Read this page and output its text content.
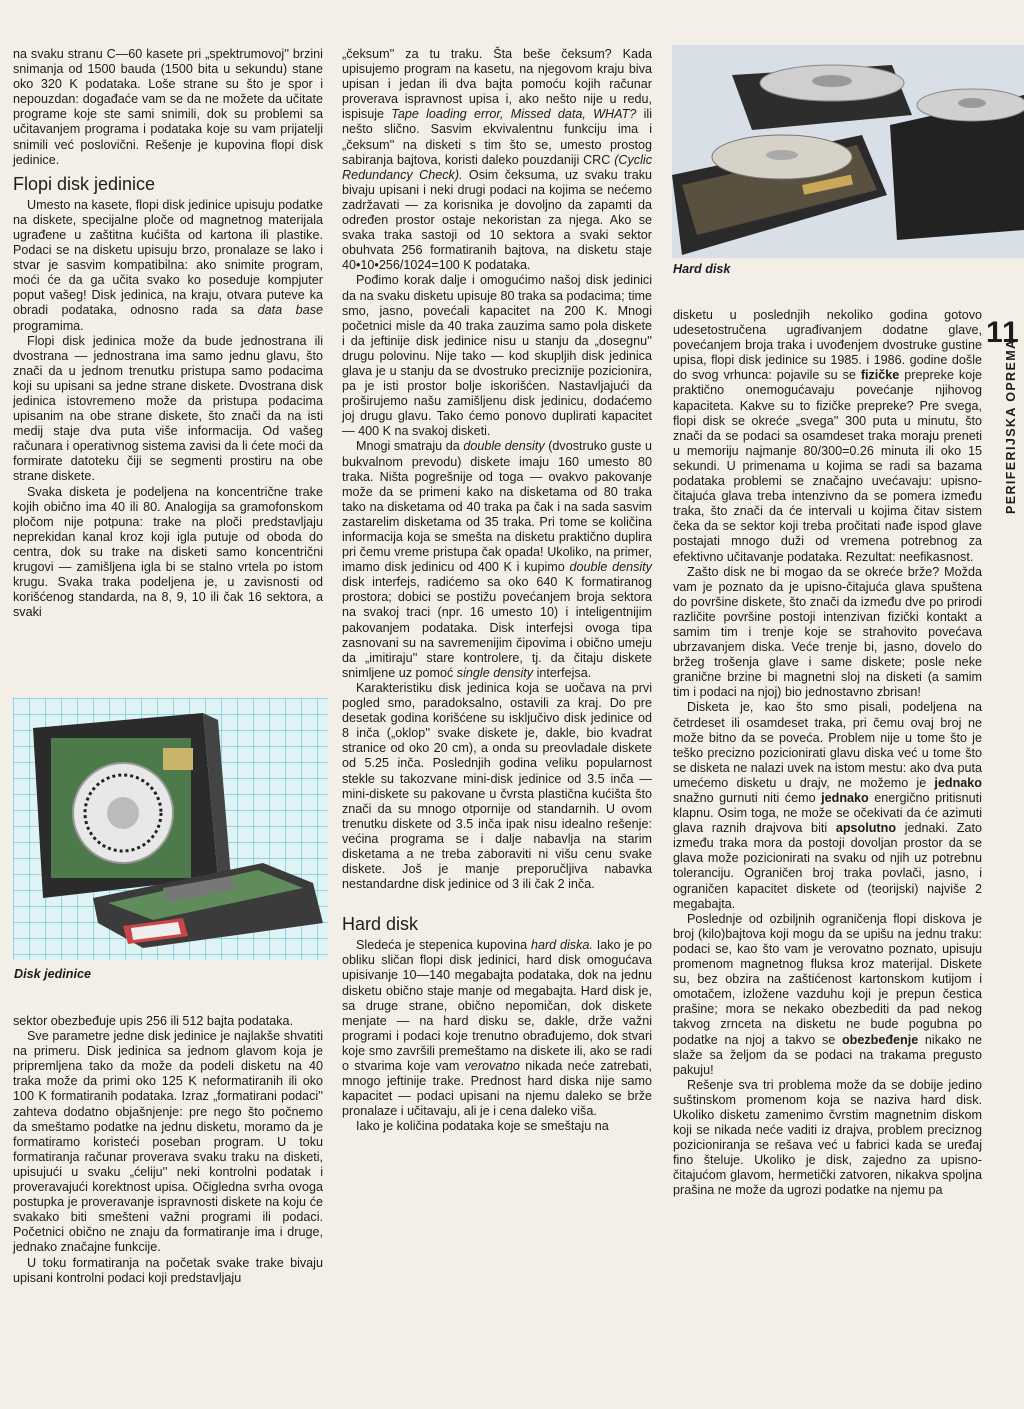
na svaku stranu C—60 kasete pri „spektrumovoj'' brzini snimanja od 1500 bauda (1500 bita u sekundu) stane oko 320 K podataka. Loše strane su što je spor i nepouzdan: događaće vam se da ne možete da učitate programe koje ste sami snimili, dok su problemi sa učitavanjem programa i podataka koje su vam prijatelji snimili već poslovični. Rešenje je kupovina flopi disk jedinice.

Flopi disk jedinice

Umesto na kasete, flopi disk jedinice upisuju podatke na diskete, specijalne ploče od magnetnog materijala ugrađene u zaštitna kućišta od kartona ili plastike. Podaci se na disketu upisuju brzo, pronalaze se lako i stvar je sasvim kompatibilna: ako snimite program, moći će da ga učita svako ko poseduje kompjuter poput vašeg! Disk jedinica, na kraju, otvara puteve ka obradi podataka, odnosno rada sa data base programima.

Flopi disk jedinica može da bude jednostrana ili dvostrana — jednostrana ima samo jednu glavu, što znači da u jednom trenutku pristupa samo podacima koji su upisani sa jedne strane diskete. Dvostrana disk jedinica istovremeno može da pristupa podacima upisanim na obe strane diskete, što znači da na isti medij staje dva puta više informacija. Od vašeg računara i operativnog sistema zavisi da li ćete moći da formirate datoteku čiji se segmenti prostiru na obe strane diskete.

Svaka disketa je podeljena na koncentrične trake kojih obično ima 40 ili 80. Analogija sa gramofonskom pločom nije potpuna: trake na ploči predstavljaju neprekidan kanal kroz koji igla putuje od oboda do centra, dok su trake na disketi samo koncentrični krugovi — zamišljena igla bi se stalno vrtela po istom krugu. Svaka traka podeljena je, u zavisnosti od korišćenog standarda, na 8, 9, 10 ili čak 16 sektora, a svaki

Disk jedinice

sektor obezbeđuje upis 256 ili 512 bajta podataka.

Sve parametre jedne disk jedinice je najlakše shvatiti na primeru. Disk jedinica sa jednom glavom koja je pripremljena tako da može da podeli disketu na 40 traka može da primi oko 125 K neformatiranih ili oko 100 K formatiranih podataka. Izraz „formatirani podaci'' zahteva dodatno objašnjenje: pre nego što počnemo da smeštamo podatke na jednu disketu, moramo da je formatiramo koristeći poseban program. U toku formatiranja računar proverava svaku traku na disketi, upisujući u svaku „ćeliju'' neki kontrolni podatak i proveravajući korektnost upisa. Očigledna svrha ovoga postupka je proveravanje ispravnosti diskete na koju će svakako biti smešteni važni programi ili podaci. Početnici obično ne znaju da formatiranje ima i druge, jednako značajne funkcije.

U toku formatiranja na početak svake trake bivaju upisani kontrolni podaci koji predstavljaju

„čeksum'' za tu traku. Šta beše čeksum? Kada upisujemo program na kasetu, na njegovom kraju biva upisan i jedan ili dva bajta pomoću kojih računar proverava ispravnost upisa i, ako nešto nije u redu, ispisuje Tape loading error, Missed data, WHAT? ili nešto slično. Sasvim ekvivalentnu funkciju ima i „čeksum'' na disketi s tim što se, umesto prostog sabiranja bajtova, koristi daleko pouzdaniji CRC (Cyclic Redundancy Check). Osim čeksuma, uz svaku traku bivaju upisani i neki drugi podaci na kojima se nećemo zadržavati — za korisnika je dovoljno da zapamti da određen prostor ostaje nekoristan za njega. Ako se svaka traka sastoji od 10 sektora a svaki sektor obuhvata 256 formatiranih bajtova, na disketu staje 40•10•256/1024=100 K podataka.

Pođimo korak dalje i omogućimo našoj disk jedinici da na svaku disketu upisuje 80 traka sa podacima; time smo, jasno, povećali kapacitet na 200 K. Mnogi početnici misle da 40 traka zauzima samo pola diskete i da jeftinije disk jedinice nisu u stanju da „dosegnu'' drugu polovinu. Nije tako — kod skupljih disk jedinica glava je u stanju da se dvostruko preciznije pozicionira, pa je isti prostor bolje iskorišćen. Nastavljajući da proširujemo našu zamišljenu disk jedinicu, dodaćemo joj drugu glavu. Tako ćemo ponovo duplirati kapacitet — 400 K na svakoj disketi.

Mnogi smatraju da double density (dvostruko guste u bukvalnom prevodu) diskete imaju 160 umesto 80 traka. Ništa pogrešnije od toga — ovakvo pakovanje može da se primeni kako na disketama od 80 traka tako na disketama od 40 traka pa čak i na sada sasvim zastarelim disketama od 35 traka. Pri tome se količina informacija koja se smešta na disketu praktično duplira pri čemu vreme pristupa čak opada! Ukoliko, na primer, imamo disk jedinicu od 400 K i kupimo double density disk interfejs, radićemo sa oko 640 K formatiranog prostora; dobici se postižu povećanjem broja sektora na svakoj traci (npr. 16 umesto 10) i inteligentnijim pakovanjem podataka. Disk interfejsi ovoga tipa zasnovani su na savremenijim čipovima i obično umeju da „imitiraju'' stare kontrolere, tj. da čitaju diskete snimljene uz pomoć single density interfejsa.

Karakteristiku disk jedinica koja se uočava na prvi pogled smo, paradoksalno, ostavili za kraj. Do pre desetak godina korišćene su isključivo disk jedinice od 8 inča („oklop'' svake diskete je, dakle, bio kvadrat stranice od oko 20 cm), a onda su preovladale diskete od 5.25 inča. Poslednjih godina veliku popularnost stekle su takozvane mini-disk jedinice od 3.5 inča — mini-diskete su pakovane u čvrsta plastična kućišta što znači da su mnogo otpornije od standarnih. U ovom trenutku diskete od 3.5 inča ipak nisu idealno rešenje: većina programa se i dalje nabavlja na starim disketama a ne treba zaboraviti ni višu cenu svake diskete. Još je manje preporučljiva nabavka nestandardne disk jedinice od 3 ili čak 2 inča.

Hard disk

Sledeća je stepenica kupovina hard diska. Iako je po obliku sličan flopi disk jedinici, hard disk omogućava upisivanje 10—140 megabajta podataka, dok na jednu disketu obično staje manje od megabajta. Hard disk je, sa druge strane, obično nepomičan, dok diskete menjate — na hard disku se, dakle, drže važni programi i podaci koje trenutno obrađujemo, dok stvari koje smo završili premeštamo na diskete ili, ako se radi o stvarima koje vam verovatno nikada neće zatrebati, mnogo jeftinije trake. Prednost hard diska nije samo kapacitet — podaci upisani na njemu daleko se brže pronalaze i učitavaju, ali je i cena daleko viša.

Iako je količina podataka koje se smeštaju na

Hard disk

disketu u poslednjih nekoliko godina gotovo udesetostručena ugrađivanjem dodatne glave, povećanjem broja traka i uvođenjem dvostruke gustine upisa, flopi disk jedinice su 1985. i 1986. godine došle do svog vrhunca: pojavile su se fizičke prepreke koje praktično onemogućavaju povećanje njihovog kapaciteta. Kakve su to fizičke prepreke? Pre svega, flopi disk se okreće „svega'' 300 puta u minutu, što znači da se podaci sa osamdeset traka moraju preneti u memoriju najmanje 80/300=0.26 minuta ili oko 15 sekundi. U primenama u kojima se radi sa bazama podataka problemi se značajno uvećavaju: upisno-čitajuća glava treba intenzivno da se pomera između traka, što znači da će intervali u kojima čitav sistem čeka da se sektor koji treba pročitati nađe ispod glave postajati mnogo duži od vremena potrebnog za efektivno učitavanje podataka. Rezultat: neefikasnost.

Zašto disk ne bi mogao da se okreće brže? Možda vam je poznato da je upisno-čitajuća glava spuštena do površine diskete, što znači da između dve po prirodi različite površine postoji intenzivan fizički kontakt a samim tim i trenje koje se strahovito povećava ubrzavanjem diska. Veće trenje bi, jasno, dovelo do bržeg trošenja glave i same diskete; posle neke granične brzine bi magnetni sloj na disketi (a samim tim i podaci na njoj) bio jednostavno zbrisan!

Disketa je, kao što smo pisali, podeljena na četrdeset ili osamdeset traka, pri čemu ovaj broj ne može bitno da se poveća. Problem nije u tome što je teško precizno pozicionirati glavu diska već u tome što se disketa ne nalazi uvek na istom mestu: ako dva puta umećemo disketu u drajv, ne možemo je jednako snažno gurnuti niti ćemo jednako energično pritisnuti klapnu. Osim toga, ne može se očekivati da će azimuti glava raznih drajvova biti apsolutno jednaki. Zato između traka mora da postoji dovoljan prostor da se glava može pozicionirati na svaku od njih uz potrebnu toleranciju. Ograničen broj traka povlači, jasno, i ograničen kapacitet diskete od (teorijski) najviše 2 megabajta.

Poslednje od ozbiljnih ograničenja flopi diskova je broj (kilo)bajtova koji mogu da se upišu na jednu traku: podaci se, kao što vam je verovatno poznato, upisuju promenom magnetnog fluksa kroz materijal. Diskete su, bez obzira na zaštićenost kartonskom kutijom i omotačem, izložene vazduhu koji je prepun čestica prašine; mora se nekako obezbediti da pad nekog takvog zrnceta na disketu ne bude pogubna po podatke na njoj a takvo se obezbeđenje nikako ne slaže sa željom da se podaci na trakama pregusto pakuju!

Rešenje sva tri problema može da se dobije jedino suštinskom promenom koja se naziva hard disk. Ukoliko disketu zamenimo čvrstim magnetnim diskom koji se nikada neće vaditi iz drajva, problem preciznog pozicioniranja se rešava već u fabrici kada se uređaj fino šteluje. Ukoliko je disk, zajedno za upisno-čitajućom glavom, hermetički zatvoren, nikakva spoljna prašina ne može da ugrozi podatke na njemu pa

11
PERIFERIJSKA OPREMA
